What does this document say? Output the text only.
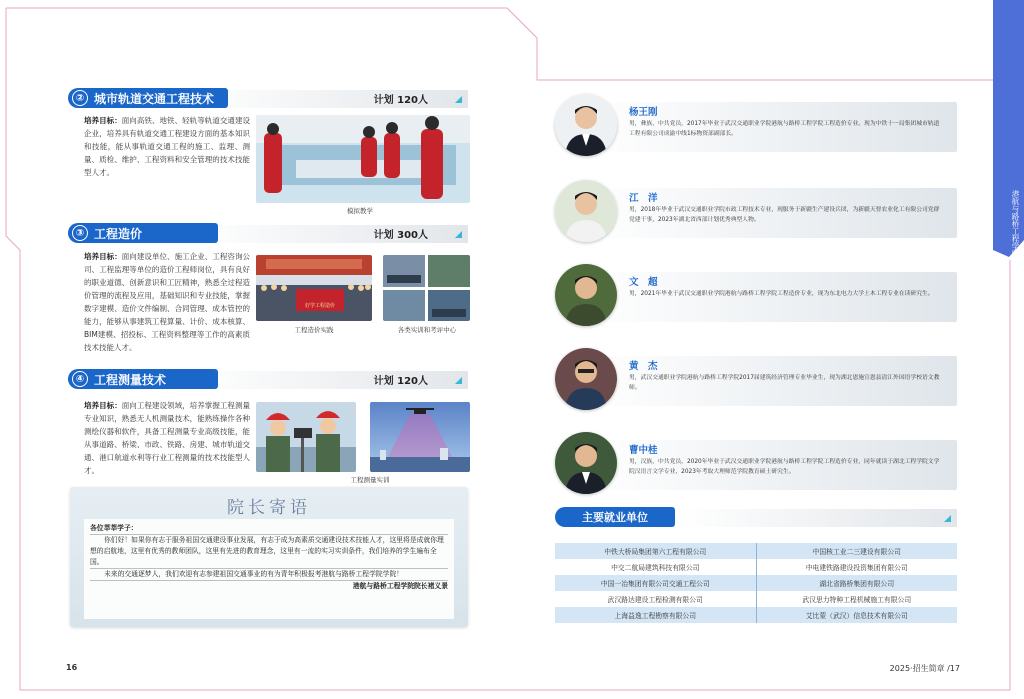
港航与路桥工程学院
② 城市轨道交通工程技术	计划 120人
培养目标：面向高铁、地铁、轻轨等轨道交通建设企业，培养具有轨道交通工程建设方面的基本知识和技能，能从事轨道交通工程的施工、监理、测量、质检、维护、工程资料和安全管理的技术技能型人才。
模拟教学
③ 工程造价	计划 300人
培养目标：面向建设单位、施工企业、工程咨询公司、工程监理等单位的造价工程师岗位，具有良好的职业道德、创新意识和工匠精神，熟悉全过程造价管理的流程及应用，基础知识和专业技能，掌握数字建模、造价文件编制、合同管理、成本管控的能力，能够从事建筑工程算量、计价、成本核算、BIM建模、招投标、工程资料整理等工作的高素质技术技能人才。
好学工程造价
工程造价实践	各类实训和考评中心
④ 工程测量技术	计划 120人
培养目标：面向工程建设领域，培养掌握工程测量专业知识，熟悉无人机测量技术，能熟练操作各种测绘仪器和软件，具备工程测量专业高级技能，能从事道路、桥梁、市政、铁路、房建、城市轨道交通、港口航道水利等行业工程测量的技术技能型人才。
工程测量实训
院长寄语
各位莘莘学子：
你们好！如果你有志于服务祖国交通建设事业发展，有志于成为高素质交通建设技术技能人才，这里将是成就你理想的启航地，这里有优秀的教师团队，这里有先进的教育理念，这里有一流的实习实训条件，我们培养的学生遍布全国。
未来的交通逐梦人，我们欢迎有志参建祖国交通事业的有为青年积极报考港航与路桥工程学院学院！
港航与路桥工程学院院长褚义景
杨王刚
男，彝族，中共党员，2017年毕业于武汉交通职业学院港航与路桥工程学院工程造价专业。现为中铁十一局集团城市轨道工程有限公司成渝中线1标物资部副部长。
江　洋
男，2018年毕业于武汉交通职业学院市政工程技术专业，现服务于新疆生产建设兵团，为新疆天智农业化工有限公司党群党建干事，2023年湖北省西部计划优秀典型人物。
文　超
男，2021年毕业于武汉交通职业学院港航与路桥工程学院工程造价专业，现为东北电力大学土木工程专业在读研究生。
黄　杰
男，武汉交通职业学院港航与路桥工程学院2017届建筑经济管理专业毕业生，现为湖北恩施宣恩县清江外国语学校语文教师。
曹中桂
男，汉族，中共党员，2020年毕业于武汉交通职业学院港航与路桥工程学院工程造价专业，同年就读于湖北工程学院文学院汉语言文学专业，2023年考取大理师范学院教育硕士研究生。
主要就业单位
中铁大桥局集团第六工程有限公司	中国核工业二三建设有限公司
中交二航局建筑科技有限公司	中电建铁路建设投资集团有限公司
中国一冶集团有限公司交通工程公司	湖北省路桥集团有限公司
武汉路达建设工程检测有限公司	武汉思力特种工程机械施工有限公司
上海益逸工程勘察有限公司	艾比蒙（武汉）信息技术有限公司
16	2025·招生简章 /17
